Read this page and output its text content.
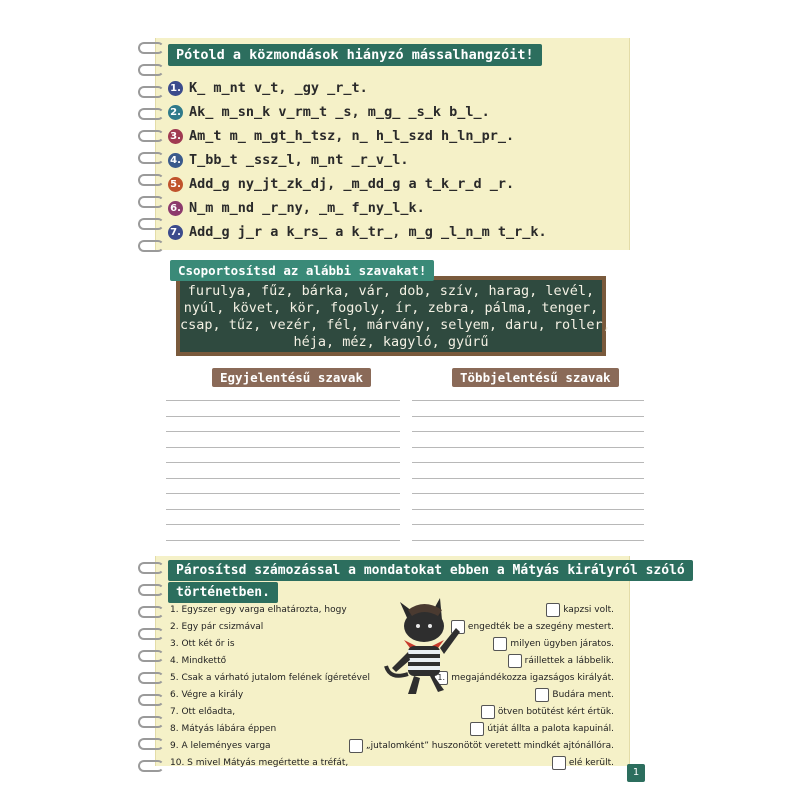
Pótold a közmondások hiányzó mássalhangzóit!
1. K_ m_nt v_t, _gy _r_t.
2. Ak_ m_sn_k v_rm_t _s, m_g_ _s_k b_l_.
3. Am_t m_ m_gt_h_tsz, n_ h_l_szd h_ln_pr_.
4. T_bb_t _ssz_l, m_nt _r_v_l.
5. Add_g ny_jt_zk_dj, _m_dd_g a t_k_r_d _r.
6. N_m m_nd _r_ny, _m_ f_ny_l_k.
7. Add_g j_r a k_rs_ a k_tr_, m_g _l_n_m t_r_k.
furulya, fűz, bárka, vár, dob, szív, harag, levél,
nyúl, követ, kör, fogoly, ír, zebra, pálma, tenger,
csap, tűz, vezér, fél, márvány, selyem, daru, roller,
héja, méz, kagyló, gyűrű
Csoportosítsd az alábbi szavakat!
Egyjelentésű szavak	Többjelentésű szavak
Párosítsd számozással a mondatokat ebben a Mátyás királyról szóló
történetben.
1. Egyszer egy varga elhatározta, hogy
2. Egy pár csizmával
3. Ott két őr is
4. Mindkettő
5. Csak a várható jutalom felének ígéretével
6. Végre a király
7. Ott előadta,
8. Mátyás lábára éppen
9. A leleményes varga
10. S mivel Mátyás megértette a tréfát,
kapzsi volt.
engedték be a szegény mestert.
milyen ügyben járatos.
ráillettek a lábbelik.
1. megajándékozza igazságos királyát.
Budára ment.
ötven botütést kért értük.
útját állta a palota kapuinál.
„jutalomként” huszonötöt veretett mindkét ajtónállóra.
elé került.
1
